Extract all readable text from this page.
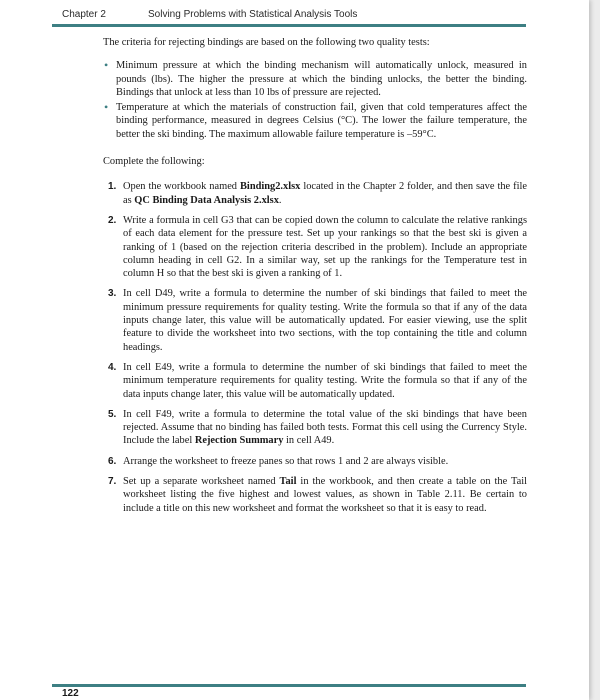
Chapter 2	Solving Problems with Statistical Analysis Tools

The criteria for rejecting bindings are based on the following two quality tests:

• Minimum pressure at which the binding mechanism will automatically unlock, measured in pounds (lbs). The higher the pressure at which the binding unlocks, the better the binding. Bindings that unlock at less than 10 lbs of pressure are rejected.
• Temperature at which the materials of construction fail, given that cold temperatures affect the binding performance, measured in degrees Celsius (°C). The lower the failure temperature, the better the ski binding. The maximum allowable failure temperature is –59°C.

Complete the following:

1. Open the workbook named Binding2.xlsx located in the Chapter 2 folder, and then save the file as QC Binding Data Analysis 2.xlsx.
2. Write a formula in cell G3 that can be copied down the column to calculate the relative rankings of each data element for the pressure test. Set up your rankings so that the best ski is given a ranking of 1 (based on the rejection criteria described in the problem). Include an appropriate column heading in cell G2. In a similar way, set up the rankings for the Temperature test in column H so that the best ski is given a ranking of 1.
3. In cell D49, write a formula to determine the number of ski bindings that failed to meet the minimum pressure requirements for quality testing. Write the formula so that if any of the data inputs change later, this value will be automatically updated. For easier viewing, use the split feature to divide the worksheet into two sections, with the top containing the title and column headings.
4. In cell E49, write a formula to determine the number of ski bindings that failed to meet the minimum temperature requirements for quality testing. Write the formula so that if any of the data inputs change later, this value will be automatically updated.
5. In cell F49, write a formula to determine the total value of the ski bindings that have been rejected. Assume that no binding has failed both tests. Format this cell using the Currency Style. Include the label Rejection Summary in cell A49.
6. Arrange the worksheet to freeze panes so that rows 1 and 2 are always visible.
7. Set up a separate worksheet named Tail in the workbook, and then create a table on the Tail worksheet listing the five highest and lowest values, as shown in Table 2.11. Be certain to include a title on this new worksheet and format the worksheet so that it is easy to read.
122
